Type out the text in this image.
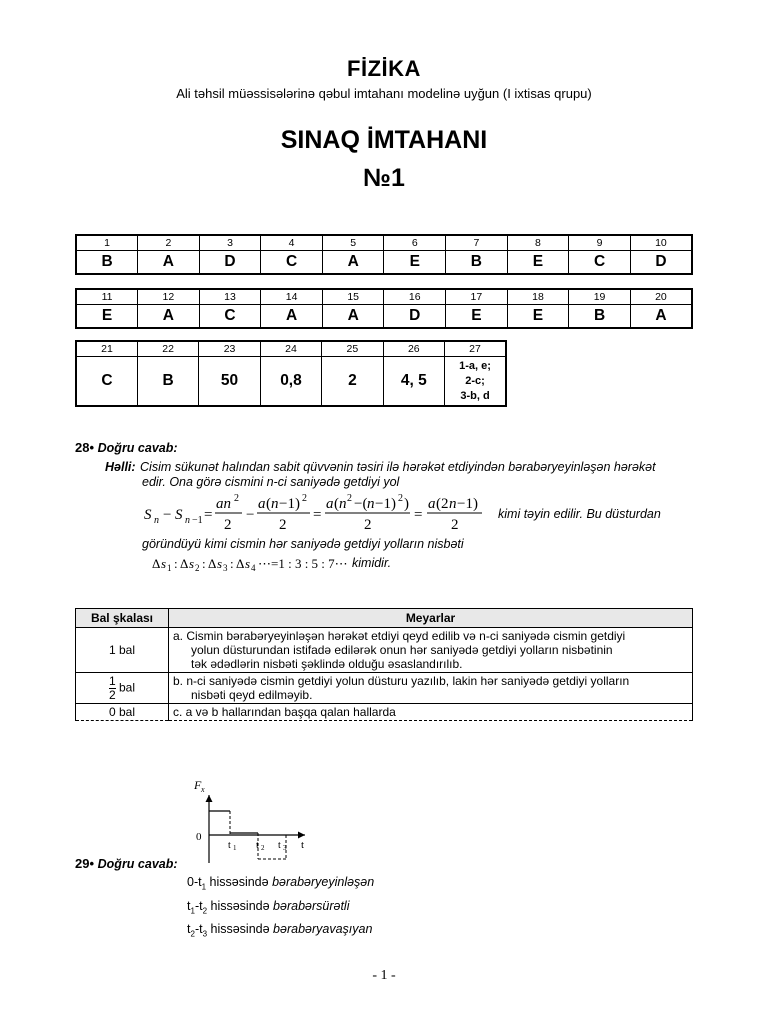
FİZİKA
Ali təhsil müəssisələrinə qəbul imtahanı modelinə uyğun (I ixtisas qrupu)
SINAQ İMTAHANI
№1
1	2	3	4	5	6	7	8	9	10
B	A	D	C	A	E	B	E	C	D
11	12	13	14	15	16	17	18	19	20
E	A	C	A	A	D	E	E	B	A
21	22	23	24	25	26	27
C	B	50	0,8	2	4, 5	1-a, e;
2-c;
3-b, d
28• Doğru cavab:
Həlli: Cisim sükunət halından sabit qüvvənin təsiri ilə hərəkət etdiyindən bərabəryeyinləşən hərəkət
edir. Ona görə cismini n-ci saniyədə getdiyi yol
S n − S n −1 =
an 2
2
−
a ( n −1) 2
2
=
a ( n 2 −( n −1) 2 )
2
=
a (2 n −1)
2
kimi təyin edilir. Bu düsturdan
göründüyü kimi cismin hər saniyədə getdiyi yolların nisbəti
Δ s 1 : Δ s 2 : Δ s 3 : Δ s 4 ⋯=1 : 3 : 5 : 7⋯ kimidir.
Bal şkalası	Meyarlar
1 bal	a. Cismin bərabəryeyinləşən hərəkət etdiyi qeyd edilib və n-ci saniyədə cismin getdiyi
yolun düsturundan istifadə edilərək onun hər saniyədə getdiyi yolların nisbətinin
tək ədədlərin nisbəti şəklində olduğu əsaslandırılıb.

$\frac{1}{2}$ bal	b. n-ci saniyədə cismin getdiyi yolun düsturu yazılıb, lakin hər saniyədə getdiyi yolların
nisbəti qeyd edilməyib.

0 bal	c. a və b hallarından başqa qalan hallarda
F x
0
t
t 1 t 2 t 3
29• Doğru cavab:
$0-t_1$ hissəsində bərabəryeyinləşən
$t_1-t_2$ hissəsində bərabərsürətli
$t_2-t_3$ hissəsində bərabəryavaşıyan
- 1 -
